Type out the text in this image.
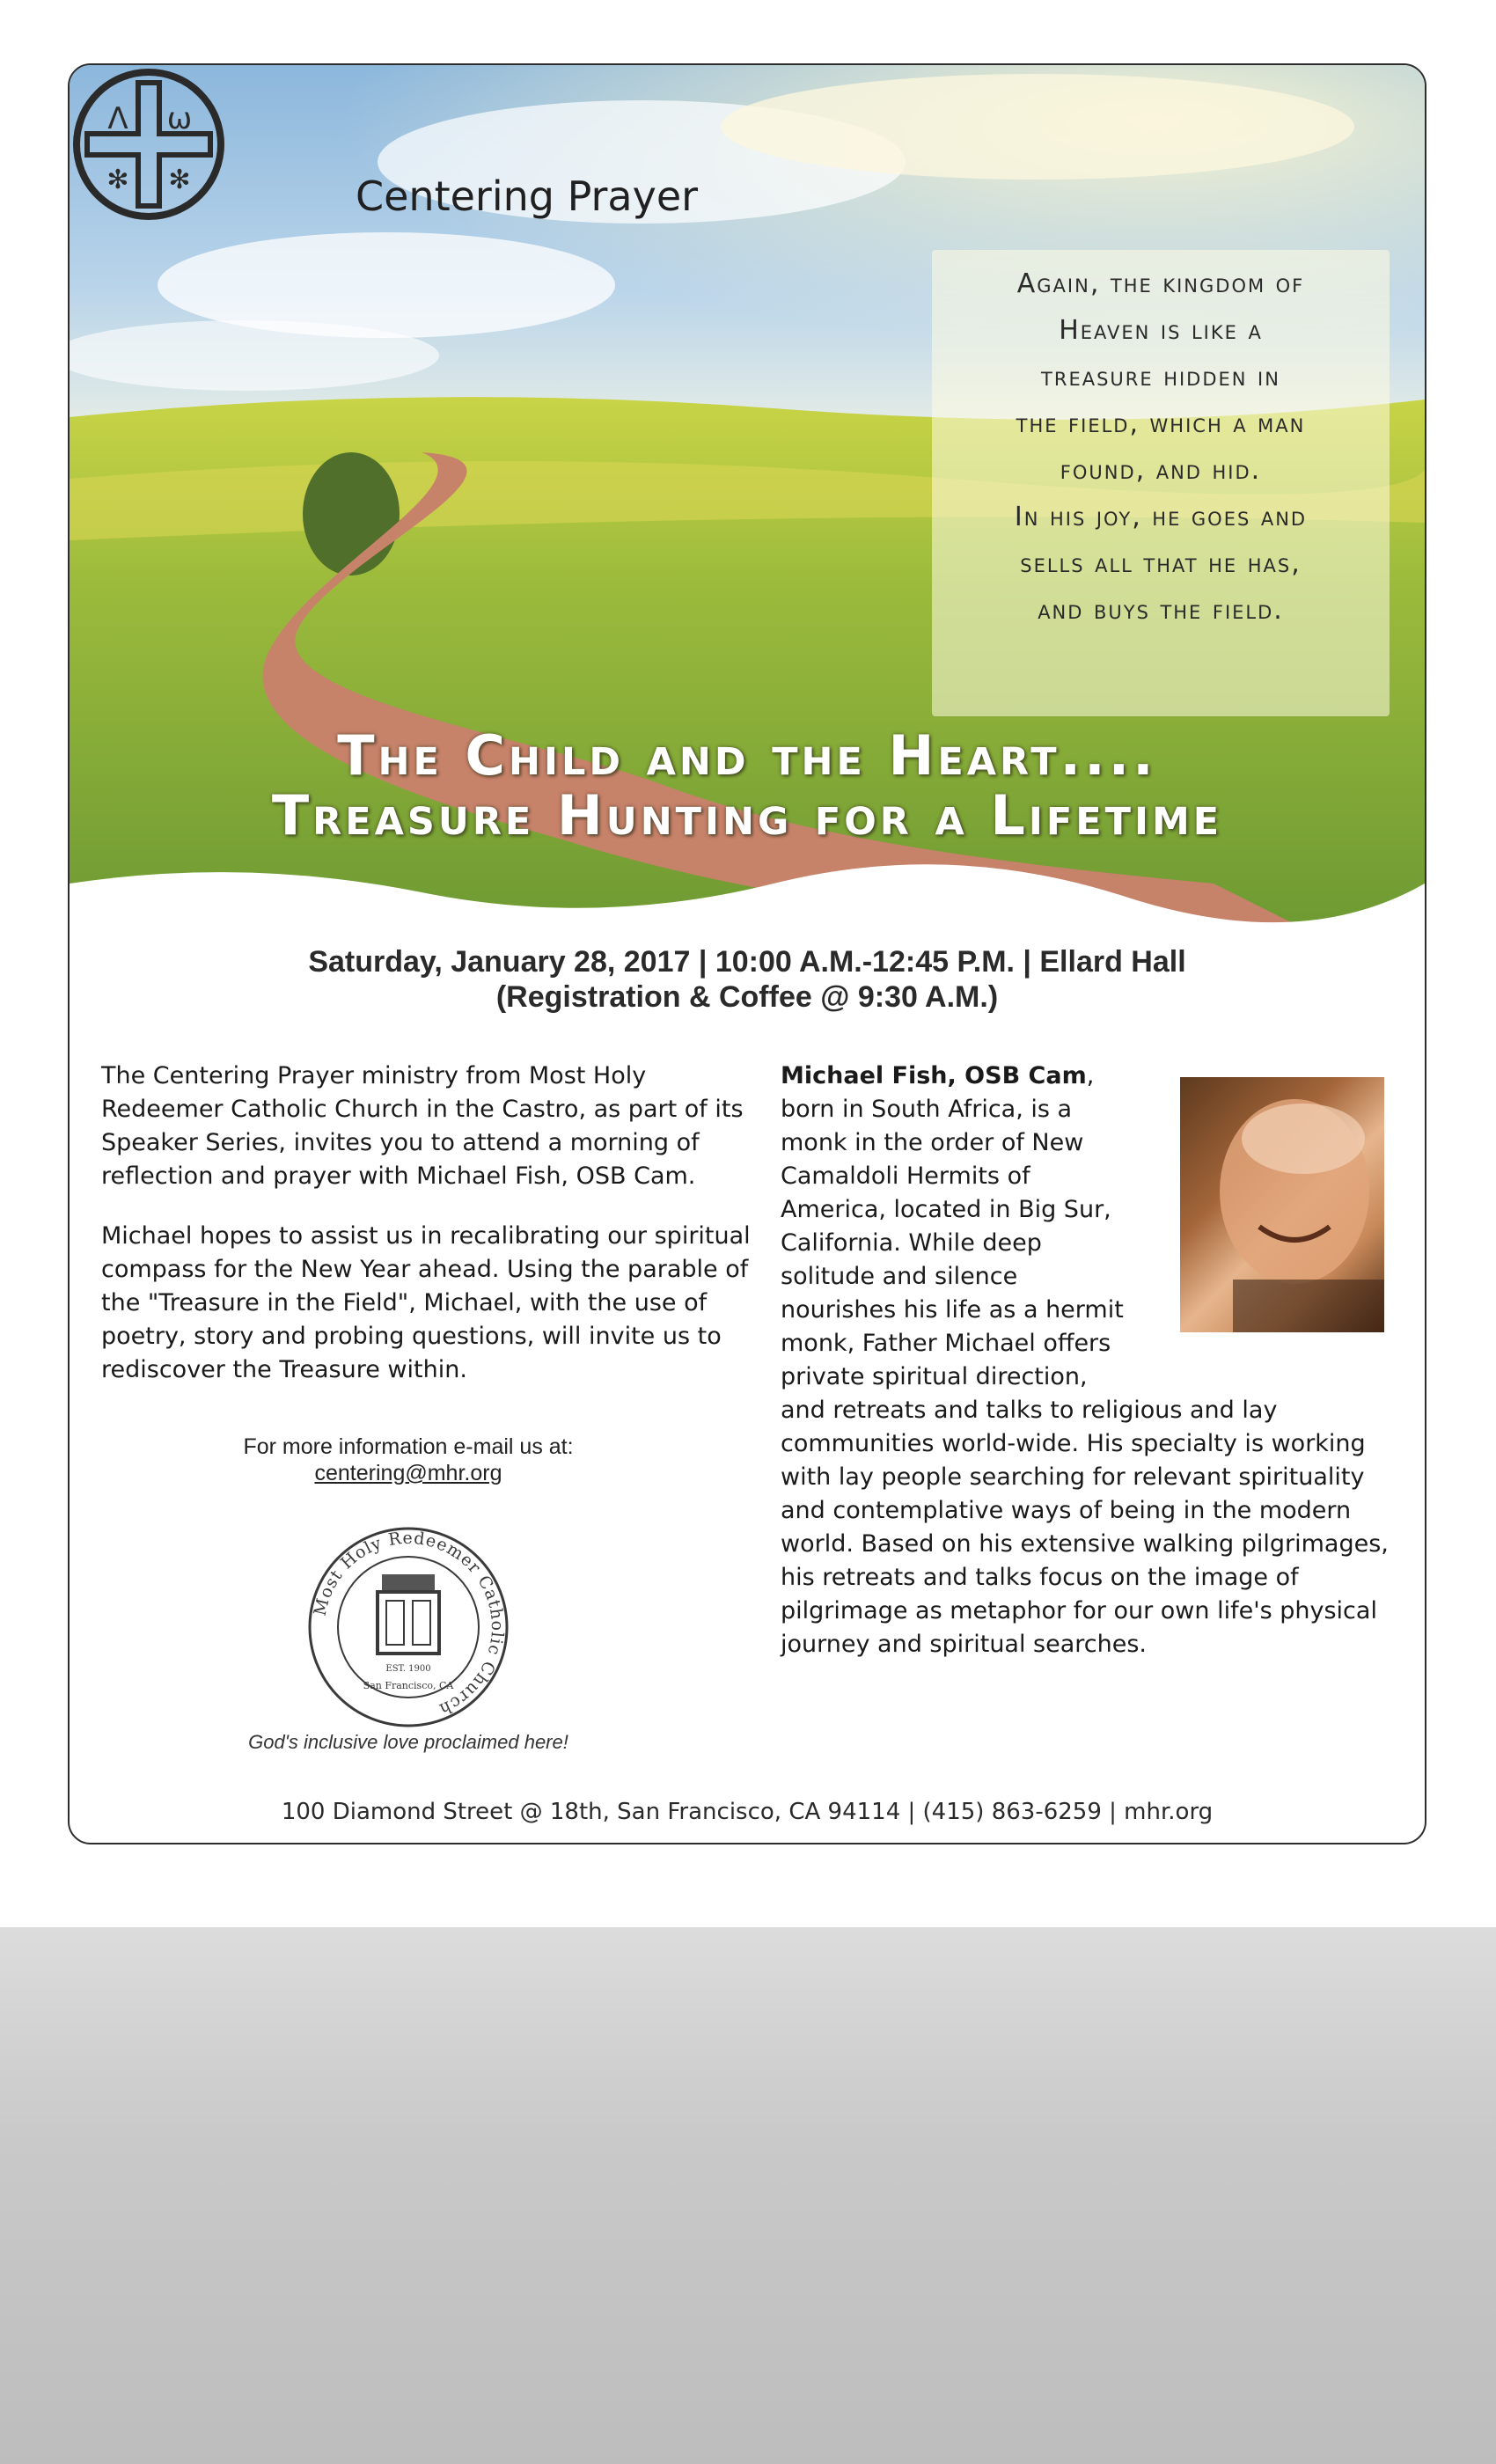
Λ ω
✻ ✻	Centering Prayer
Again, the kingdom of
Heaven is like a
treasure hidden in
the field, which a man
found, and hid.
In his joy, he goes and
sells all that he has,
and buys the field.
The Child and the Heart....
Treasure Hunting for a Lifetime
Saturday, January 28, 2017 | 10:00 A.M.-12:45 P.M. | Ellard Hall
(Registration & Coffee @ 9:30 A.M.)

The Centering Prayer ministry from Most Holy Redeemer Catholic Church in the Castro, as part of its Speaker Series, invites you to attend a morning of reflection and prayer with Michael Fish, OSB Cam.

Michael hopes to assist us in recalibrating our spiritual compass for the New Year ahead. Using the parable of the "Treasure in the Field", Michael, with the use of poetry, story and probing questions, will invite us to rediscover the Treasure within.

For more information e-mail us at:
centering@mhr.org
Most Holy Redeemer Catholic Church
EST. 1900
San Francisco, CA
God's inclusive love proclaimed here!
Michael Fish, OSB Cam, born in South Africa, is a monk in the order of New Camaldoli Hermits of America, located in Big Sur, California. While deep solitude and silence nourishes his life as a hermit monk, Father Michael offers private spiritual direction,
and retreats and talks to religious and lay communities world-wide. His specialty is working with lay people searching for relevant spirituality and contemplative ways of being in the modern world. Based on his extensive walking pilgrimages, his retreats and talks focus on the image of pilgrimage as metaphor for our own life's physical journey and spiritual searches.
100 Diamond Street @ 18th, San Francisco, CA 94114 | (415) 863-6259 | mhr.org
